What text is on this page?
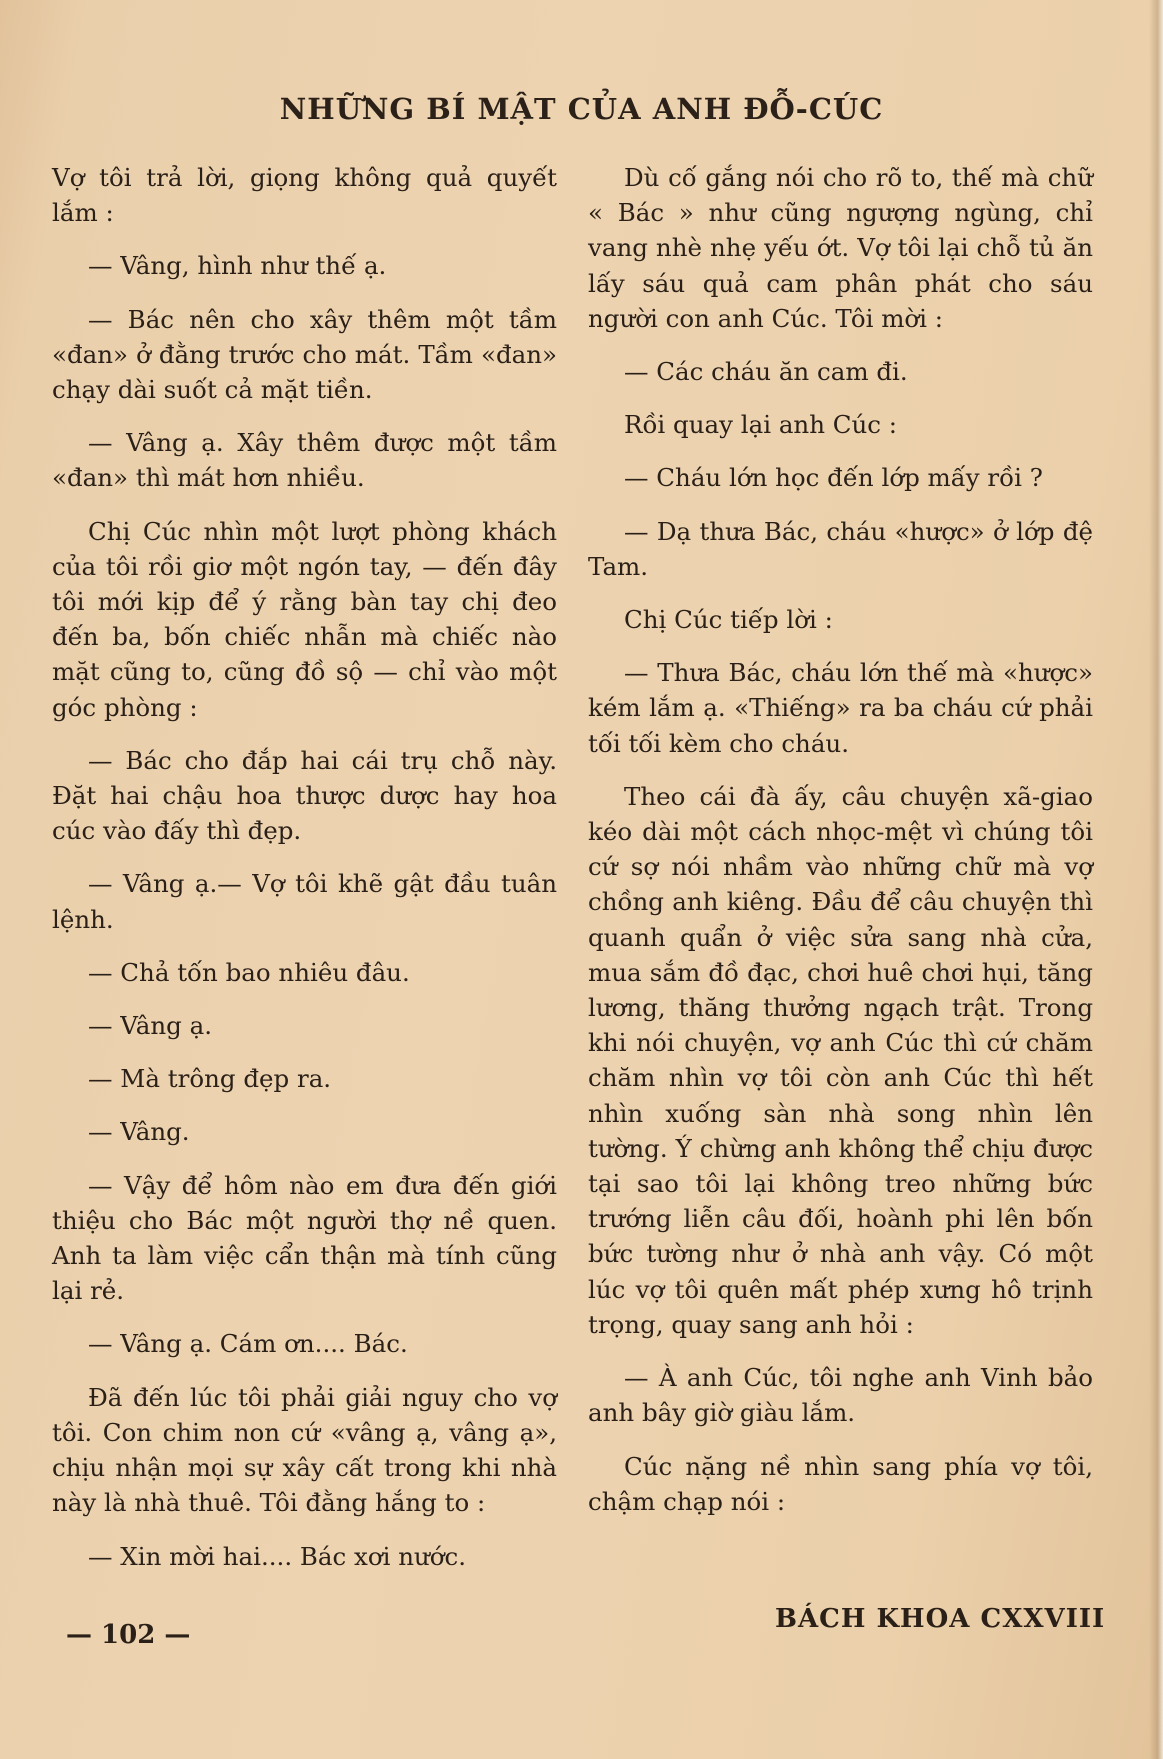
NHỮNG BÍ MẬT CỦA ANH ĐỖ-CÚC

Vợ tôi trả lời, giọng không quả quyết lắm :

— Vâng, hình như thế ạ.

— Bác nên cho xây thêm một tầm «đan» ở đằng trước cho mát. Tầm «đan» chạy dài suốt cả mặt tiền.

— Vâng ạ. Xây thêm được một tầm «đan» thì mát hơn nhiều.

Chị Cúc nhìn một lượt phòng khách của tôi rồi giơ một ngón tay, — đến đây tôi mới kịp để ý rằng bàn tay chị đeo đến ba, bốn chiếc nhẫn mà chiếc nào mặt cũng to, cũng đồ sộ — chỉ vào một góc phòng :

— Bác cho đắp hai cái trụ chỗ này. Đặt hai chậu hoa thược dược hay hoa cúc vào đấy thì đẹp.

— Vâng ạ.— Vợ tôi khẽ gật đầu tuân lệnh.

— Chả tốn bao nhiêu đâu.

— Vâng ạ.

— Mà trông đẹp ra.

— Vâng.

— Vậy để hôm nào em đưa đến giới thiệu cho Bác một người thợ nề quen. Anh ta làm việc cẩn thận mà tính cũng lại rẻ.

— Vâng ạ. Cám ơn.... Bác.

Đã đến lúc tôi phải giải nguy cho vợ tôi. Con chim non cứ «vâng ạ, vâng ạ», chịu nhận mọi sự xây cất trong khi nhà này là nhà thuê. Tôi đằng hắng to :

— Xin mời hai.... Bác xơi nước.

Dù cố gắng nói cho rõ to, thế mà chữ « Bác » như cũng ngượng ngùng, chỉ vang nhè nhẹ yếu ớt. Vợ tôi lại chỗ tủ ăn lấy sáu quả cam phân phát cho sáu người con anh Cúc. Tôi mời :

— Các cháu ăn cam đi.

Rồi quay lại anh Cúc :

— Cháu lớn học đến lớp mấy rồi ?

— Dạ thưa Bác, cháu «hược» ở lớp đệ Tam.

Chị Cúc tiếp lời :

— Thưa Bác, cháu lớn thế mà «hược» kém lắm ạ. «Thiếng» ra ba cháu cứ phải tối tối kèm cho cháu.

Theo cái đà ấy, câu chuyện xã-giao kéo dài một cách nhọc-mệt vì chúng tôi cứ sợ nói nhầm vào những chữ mà vợ chồng anh kiêng. Đầu để câu chuyện thì quanh quẩn ở việc sửa sang nhà cửa, mua sắm đồ đạc, chơi huê chơi hụi, tăng lương, thăng thưởng ngạch trật. Trong khi nói chuyện, vợ anh Cúc thì cứ chăm chăm nhìn vợ tôi còn anh Cúc thì hết nhìn xuống sàn nhà song nhìn lên tường. Ý chừng anh không thể chịu được tại sao tôi lại không treo những bức trướng liễn câu đối, hoành phi lên bốn bức tường như ở nhà anh vậy. Có một lúc vợ tôi quên mất phép xưng hô trịnh trọng, quay sang anh hỏi :

— À anh Cúc, tôi nghe anh Vinh bảo anh bây giờ giàu lắm.

Cúc nặng nề nhìn sang phía vợ tôi, chậm chạp nói :

— 102 —
BÁCH KHOA CXXVIII
